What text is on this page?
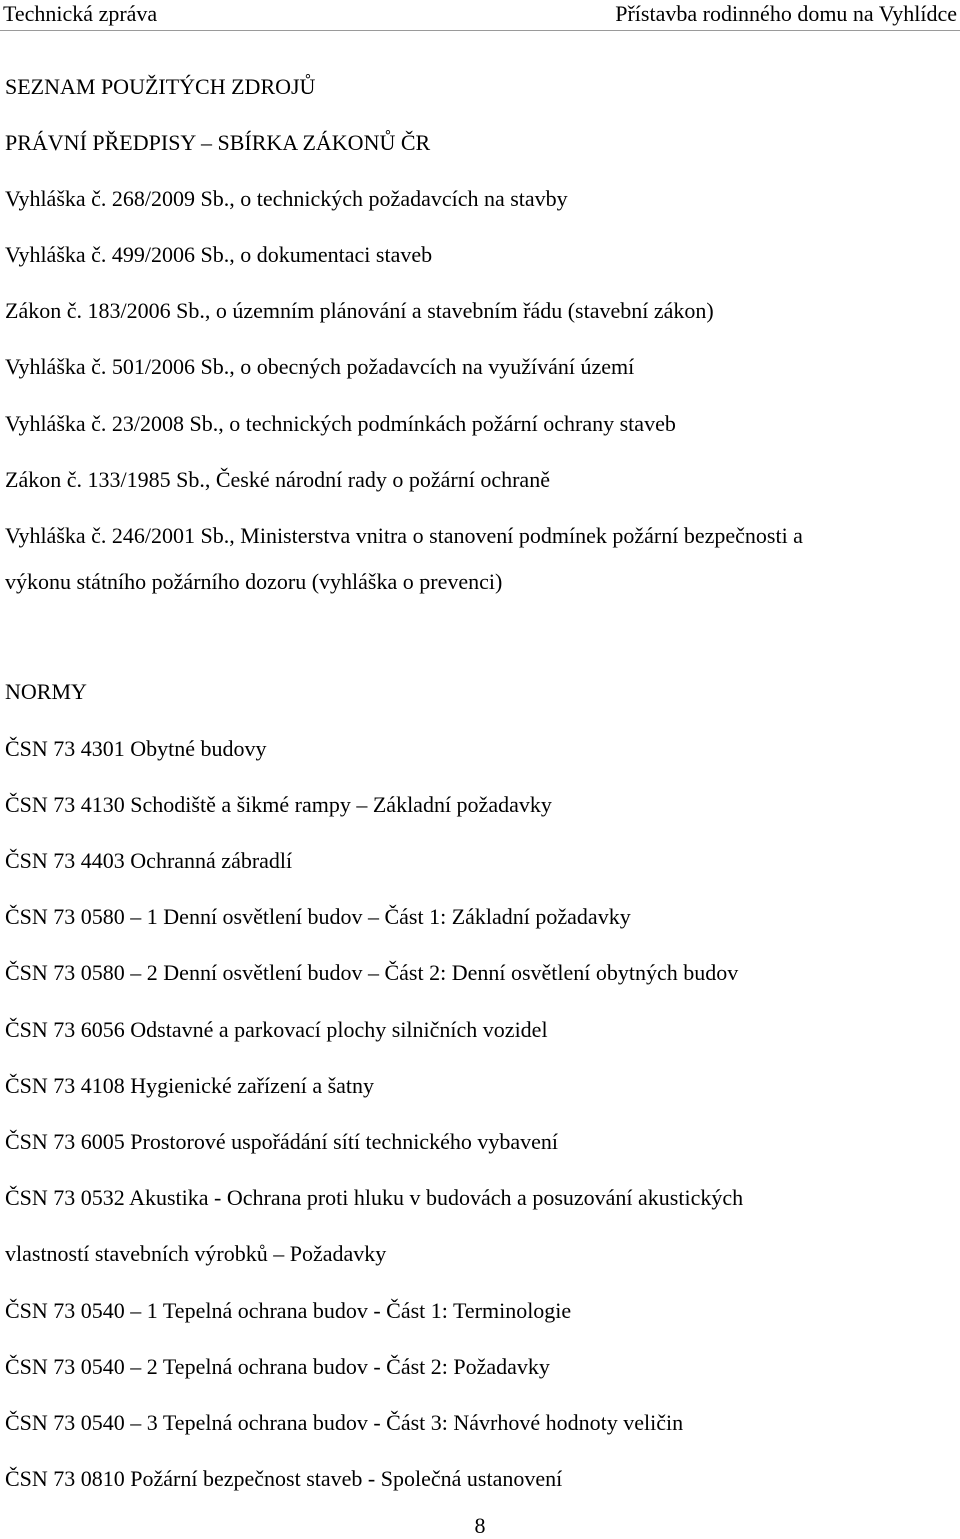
Technická zpráva	Přístavba rodinného domu na Vyhlídce
SEZNAM POUŽITÝCH ZDROJŮ
PRÁVNÍ PŘEDPISY – SBÍRKA ZÁKONŮ ČR
Vyhláška č. 268/2009 Sb., o technických požadavcích na stavby
Vyhláška č. 499/2006 Sb., o dokumentaci staveb
Zákon č. 183/2006 Sb., o územním plánování a stavebním řádu (stavební zákon)
Vyhláška č. 501/2006 Sb., o obecných požadavcích na využívání území
Vyhláška č. 23/2008 Sb., o technických podmínkách požární ochrany staveb
Zákon č. 133/1985 Sb., České národní rady o požární ochraně
Vyhláška č. 246/2001 Sb., Ministerstva vnitra o stanovení podmínek požární bezpečnosti a
výkonu státního požárního dozoru (vyhláška o prevenci)
NORMY
ČSN 73 4301 Obytné budovy
ČSN 73 4130 Schodiště a šikmé rampy – Základní požadavky
ČSN 73 4403 Ochranná zábradlí
ČSN 73 0580 – 1 Denní osvětlení budov – Část 1: Základní požadavky
ČSN 73 0580 – 2 Denní osvětlení budov – Část 2: Denní osvětlení obytných budov
ČSN 73 6056 Odstavné a parkovací plochy silničních vozidel
ČSN 73 4108 Hygienické zařízení a šatny
ČSN 73 6005 Prostorové uspořádání sítí technického vybavení
ČSN 73 0532 Akustika - Ochrana proti hluku v budovách a posuzování akustických
vlastností stavebních výrobků – Požadavky
ČSN 73 0540 – 1 Tepelná ochrana budov - Část 1: Terminologie
ČSN 73 0540 – 2 Tepelná ochrana budov - Část 2: Požadavky
ČSN 73 0540 – 3 Tepelná ochrana budov - Část 3: Návrhové hodnoty veličin
ČSN 73 0810 Požární bezpečnost staveb - Společná ustanovení
8
